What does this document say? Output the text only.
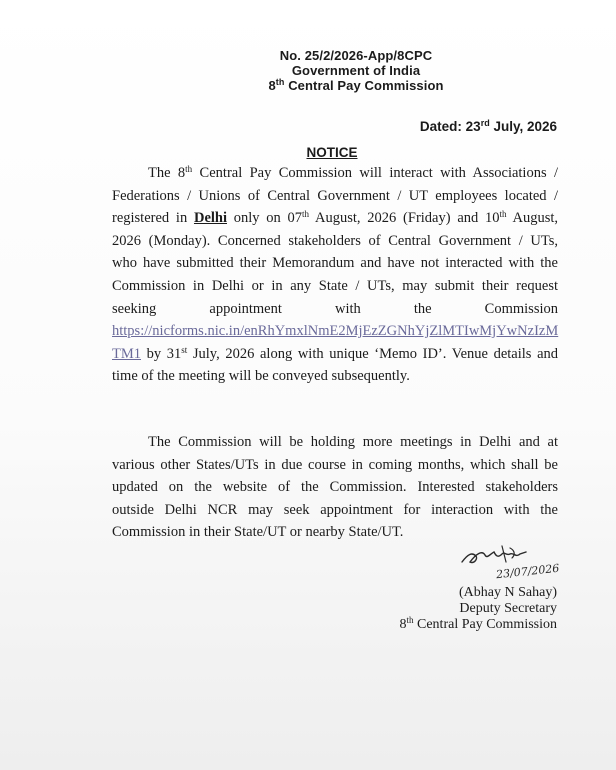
No. 25/2/2026-App/8CPC
Government of India
8th Central Pay Commission
Dated: 23rd July, 2026
NOTICE
The 8th Central Pay Commission will interact with Associations /
Federations / Unions of Central Government / UT employees located /
registered in Delhi only on 07th August, 2026 (Friday) and 10th August,
2026 (Monday). Concerned stakeholders of Central Government / UTs,
who have submitted their Memorandum and have not interacted with the
Commission in Delhi or in any State / UTs, may submit their request
seeking appointment with the Commission
https://nicforms.nic.in/enRhYmxlNmE2MjEzZGNhYjZlMTIwMjYwNzIzM
TM1 by 31st July, 2026 along with unique ‘Memo ID’. Venue details and
time of the meeting will be conveyed subsequently.
The Commission will be holding more meetings in Delhi and at
various other States/UTs in due course in coming months, which shall be
updated on the website of the Commission. Interested stakeholders
outside Delhi NCR may seek appointment for interaction with the
Commission in their State/UT or nearby State/UT.
23/07/2026
(Abhay N Sahay)
Deputy Secretary
8th Central Pay Commission
